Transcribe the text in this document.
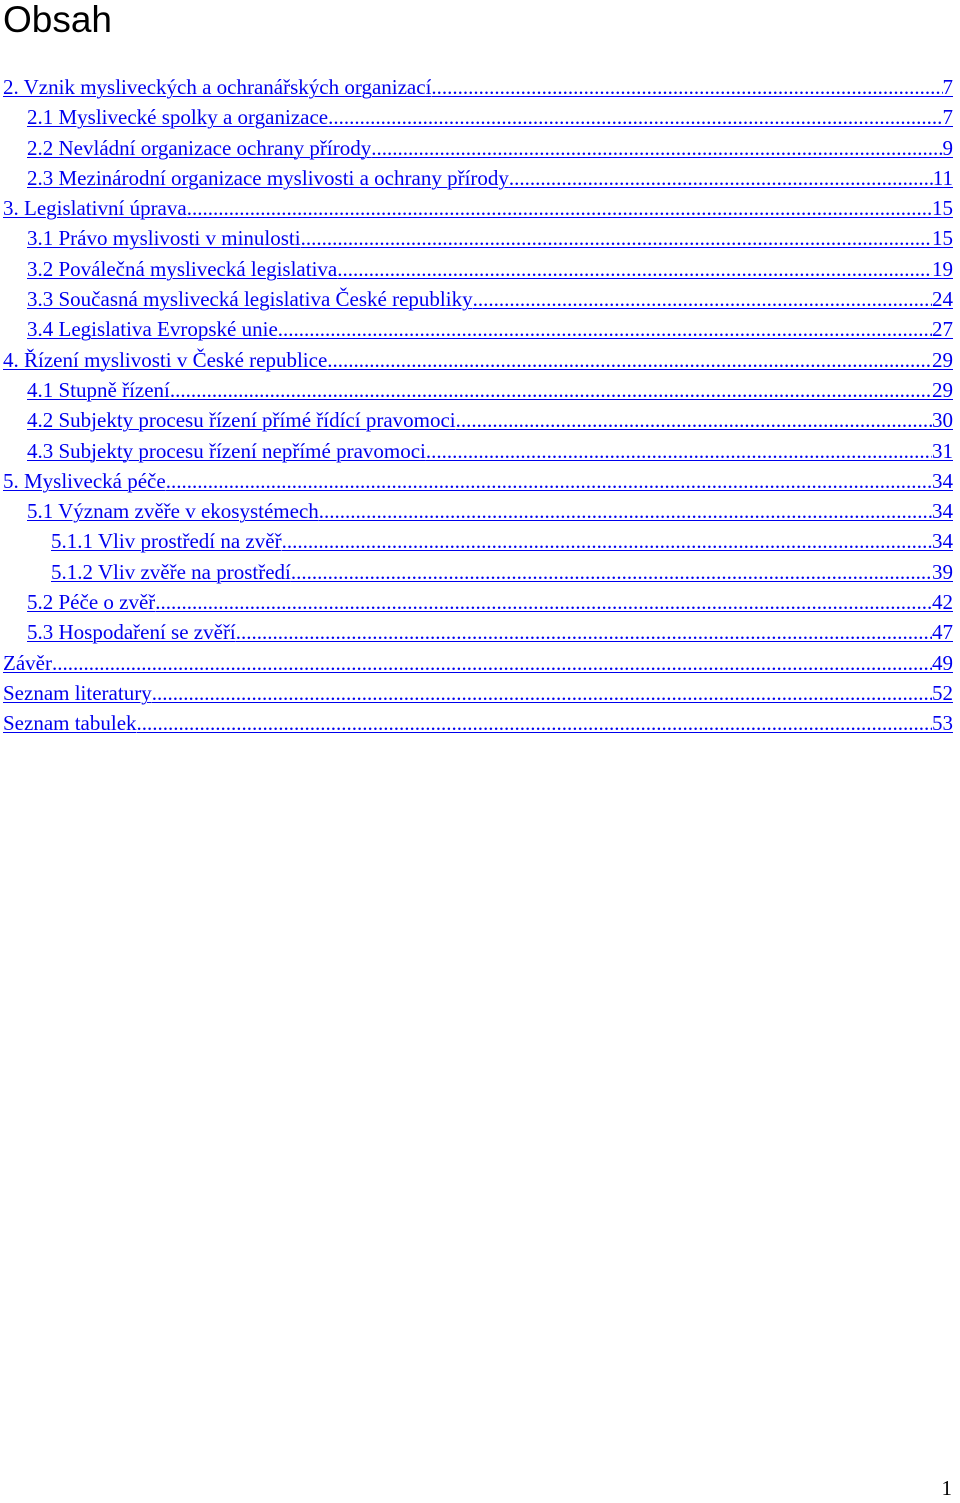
Obsah
2. Vznik mysliveckých a ochranářských organizací .....	7
2.1 Myslivecké spolky a organizace .....	7
2.2 Nevládní organizace ochrany přírody .....	9
2.3 Mezinárodní organizace myslivosti a ochrany přírody .....	11
3. Legislativní úprava .....	15
3.1 Právo myslivosti v minulosti .....	15
3.2 Poválečná myslivecká legislativa .....	19
3.3 Současná myslivecká legislativa České republiky .....	24
3.4 Legislativa Evropské unie .....	27
4. Řízení myslivosti v České republice .....	29
4.1 Stupně řízení .....	29
4.2 Subjekty procesu řízení přímé řídící pravomoci .....	30
4.3 Subjekty procesu řízení nepřímé pravomoci .....	31
5. Myslivecká péče .....	34
5.1 Význam zvěře v ekosystémech .....	34
5.1.1 Vliv prostředí na zvěř .....	34
5.1.2 Vliv zvěře na prostředí .....	39
5.2 Péče o zvěř .....	42
5.3 Hospodaření se zvěří .....	47
Závěr .....	49
Seznam literatury .....	52
Seznam tabulek .....	53
1
